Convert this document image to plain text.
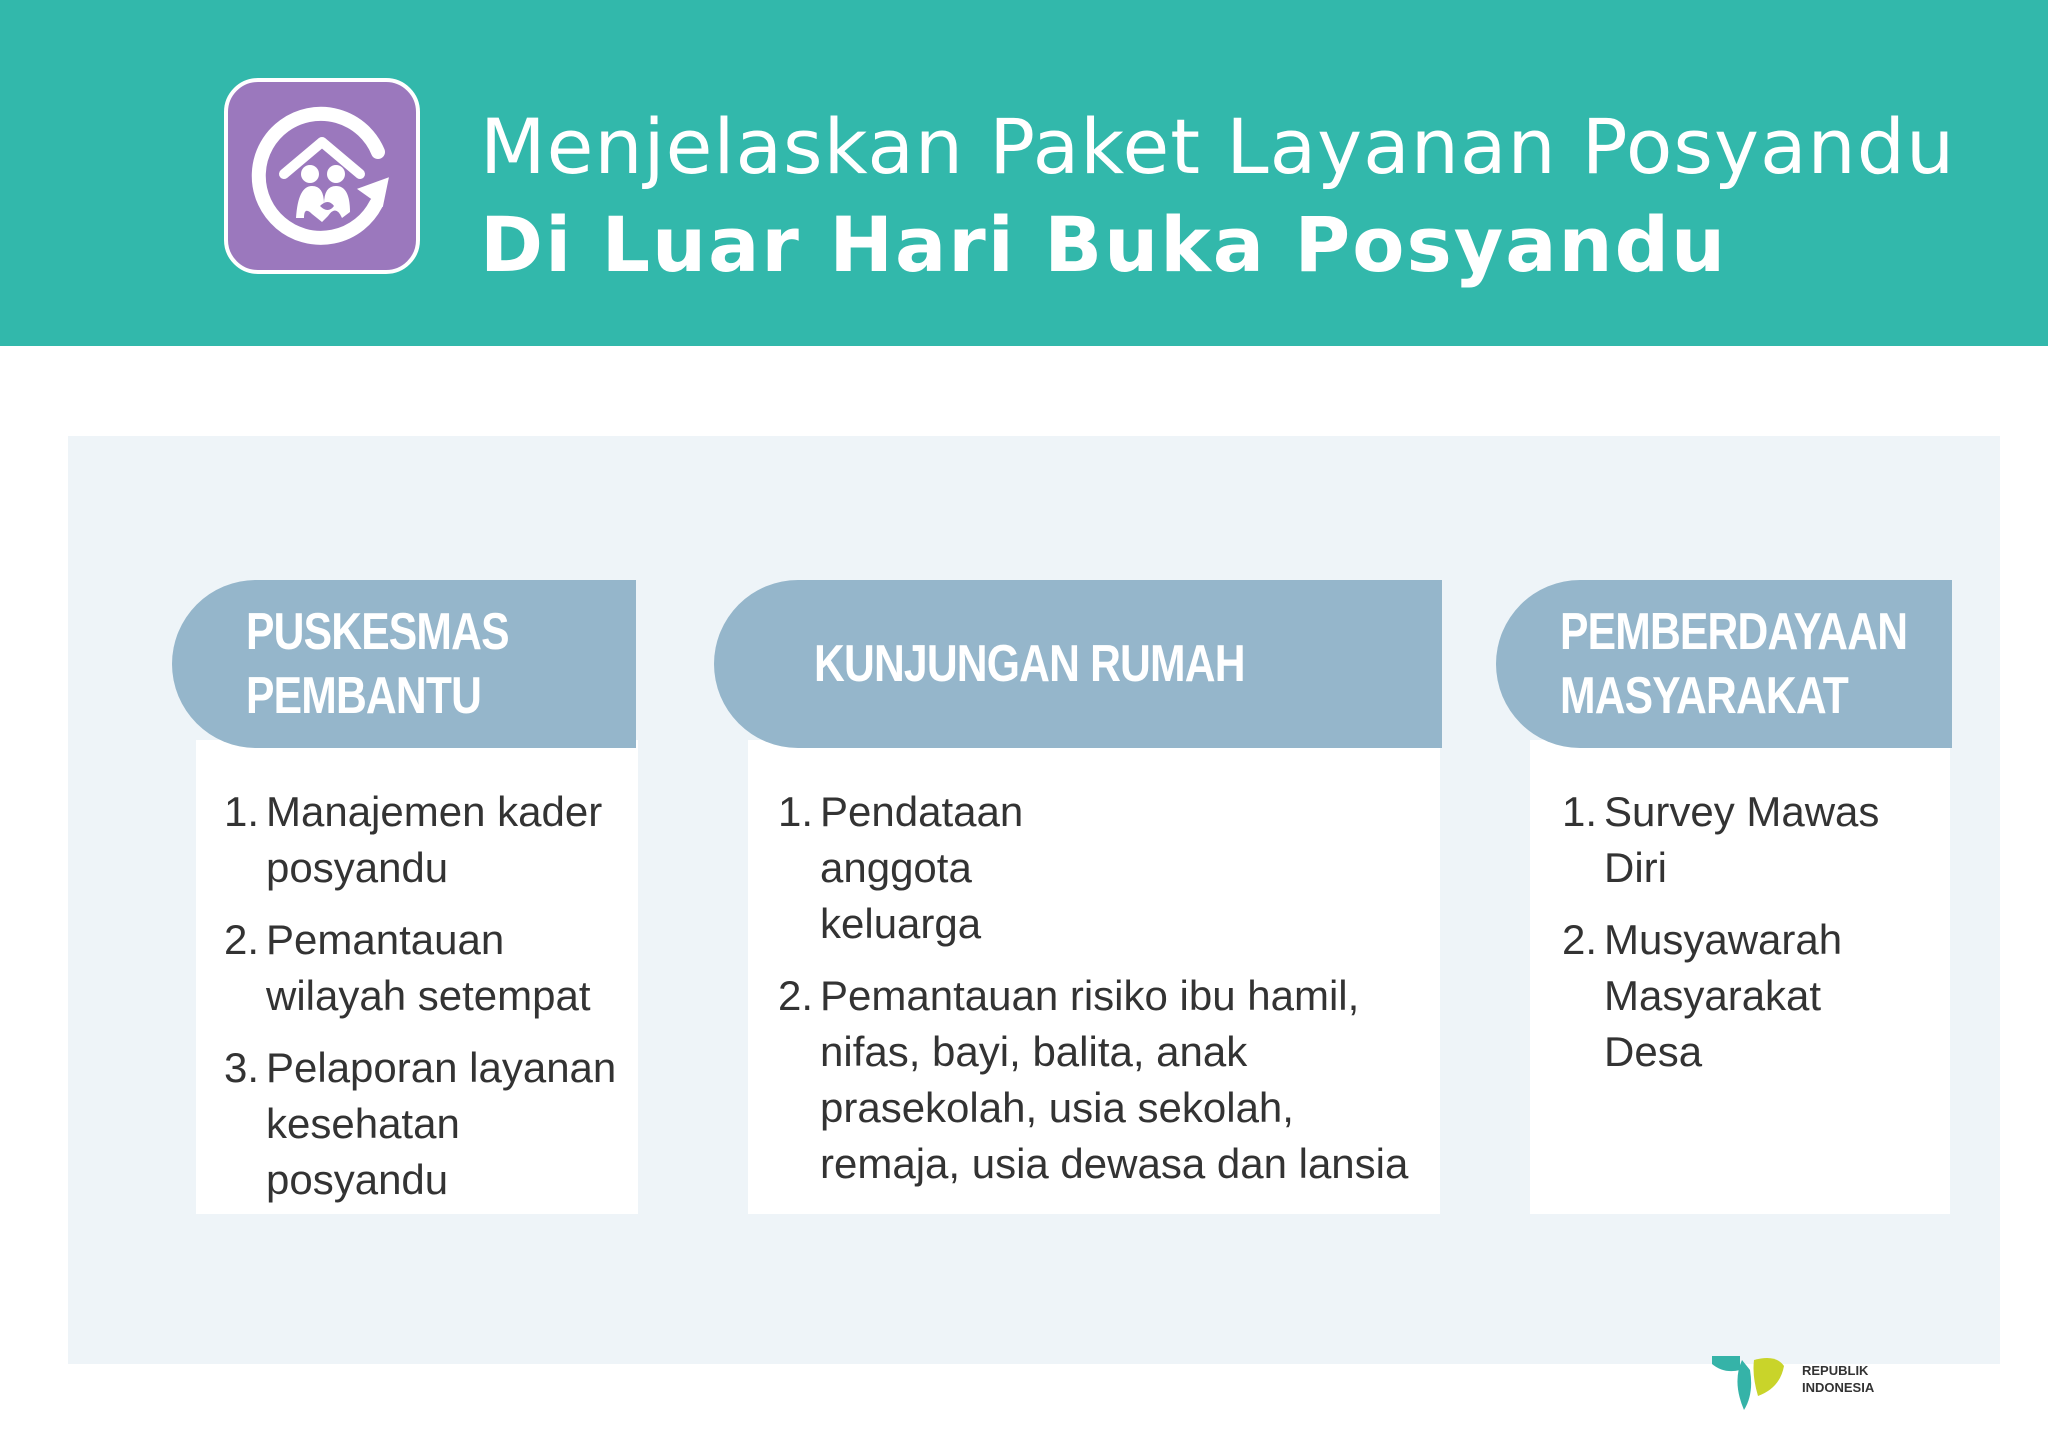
Menjelaskan Paket Layanan Posyandu
Di Luar Hari Buka Posyandu
PUSKESMAS
PEMBANTU
1. Manajemen kader posyandu
2. Pemantauan wilayah setempat
3. Pelaporan layanan kesehatan posyandu
KUNJUNGAN RUMAH
1. Pendataan anggota keluarga
2. Pemantauan risiko ibu hamil, nifas, bayi, balita, anak prasekolah, usia sekolah, remaja, usia dewasa dan lansia
PEMBERDAYAAN
MASYARAKAT
1. Survey Mawas Diri
2. Musyawarah Masyarakat Desa
REPUBLIK
INDONESIA
